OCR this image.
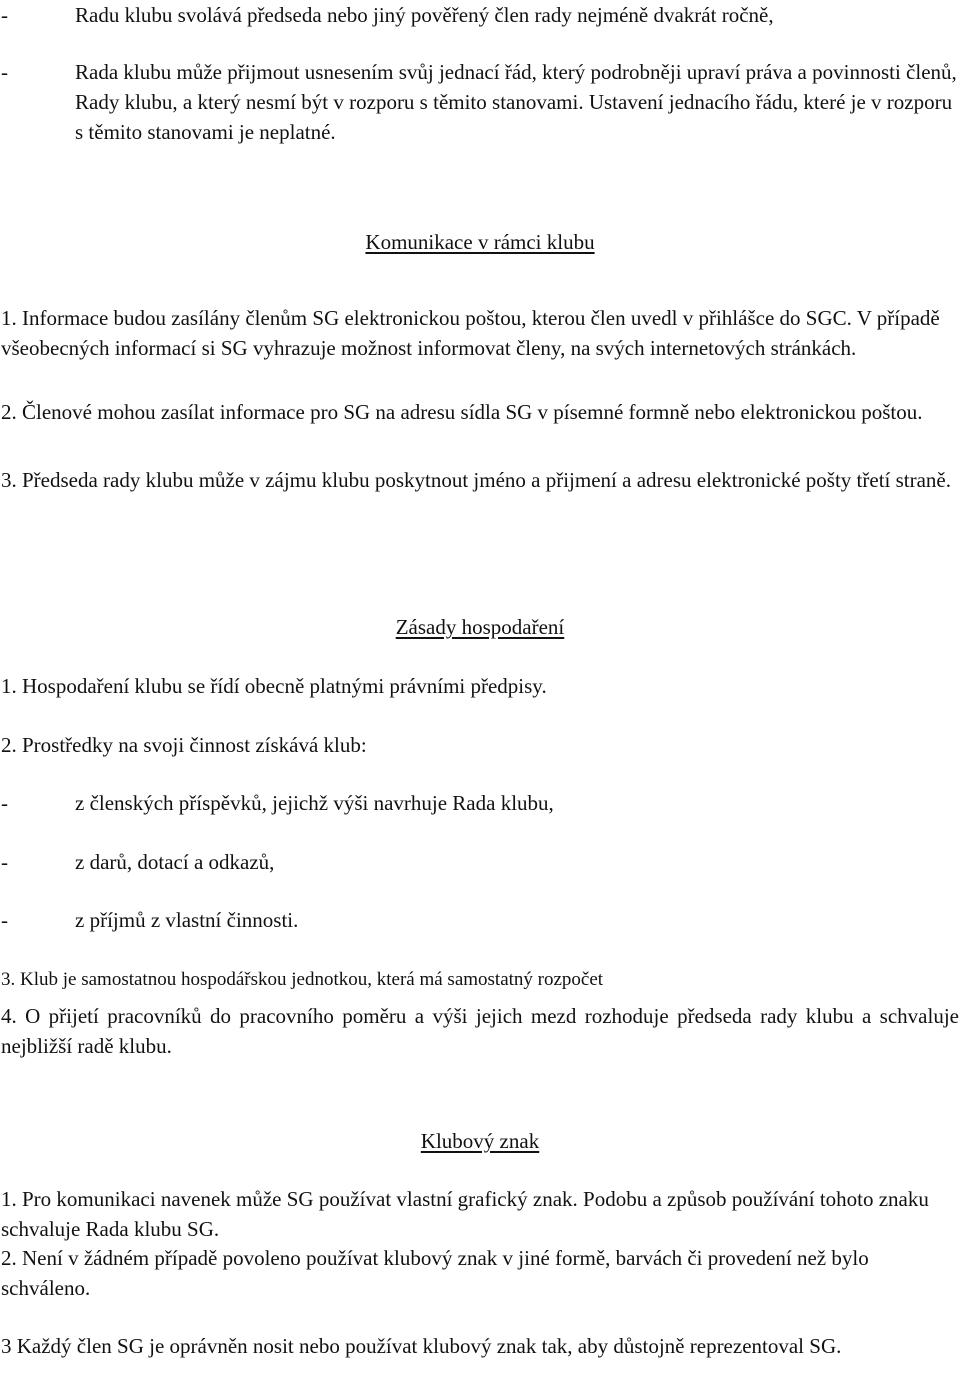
-	Radu klubu svolává předseda nebo jiný pověřený člen rady nejméně dvakrát ročně,
-	Rada klubu může přijmout usnesením svůj jednací řád, který podrobněji upraví práva a povinnosti členů, Rady klubu, a který nesmí být v rozporu s těmito stanovami. Ustavení jednacího řádu, které je v rozporu s těmito stanovami je neplatné.

Komunikace v rámci klubu

1. Informace budou zasílány členům SG elektronickou poštou, kterou člen uvedl v přihlášce do SGC. V případě všeobecných informací si SG vyhrazuje možnost informovat členy, na svých internetových stránkách.

2. Členové mohou zasílat informace pro SG na adresu sídla SG v písemné formně nebo elektronickou poštou.

3. Předseda rady klubu může v zájmu klubu poskytnout jméno a přijmení a adresu elektronické pošty třetí straně.

Zásady hospodaření

1. Hospodaření klubu se řídí obecně platnými právními předpisy.

2. Prostředky na svoji činnost získává klub:

-	z členských příspěvků, jejichž výši navrhuje Rada klubu,
-	z darů, dotací a odkazů,
-	z příjmů z vlastní činnosti.

3. Klub je samostatnou hospodářskou jednotkou, která má samostatný rozpočet

4. O přijetí pracovníků do pracovního poměru a výši jejich mezd rozhoduje předseda rady klubu a schvaluje nejbližší radě klubu.

Klubový znak

1. Pro komunikaci navenek může SG používat vlastní grafický znak. Podobu a způsob používání tohoto znaku schvaluje Rada klubu SG.

2. Není v žádném případě povoleno používat klubový znak v jiné formě, barvách či provedení než bylo schváleno.

3 Každý člen SG je oprávněn nosit nebo používat klubový znak tak, aby důstojně reprezentoval SG.
